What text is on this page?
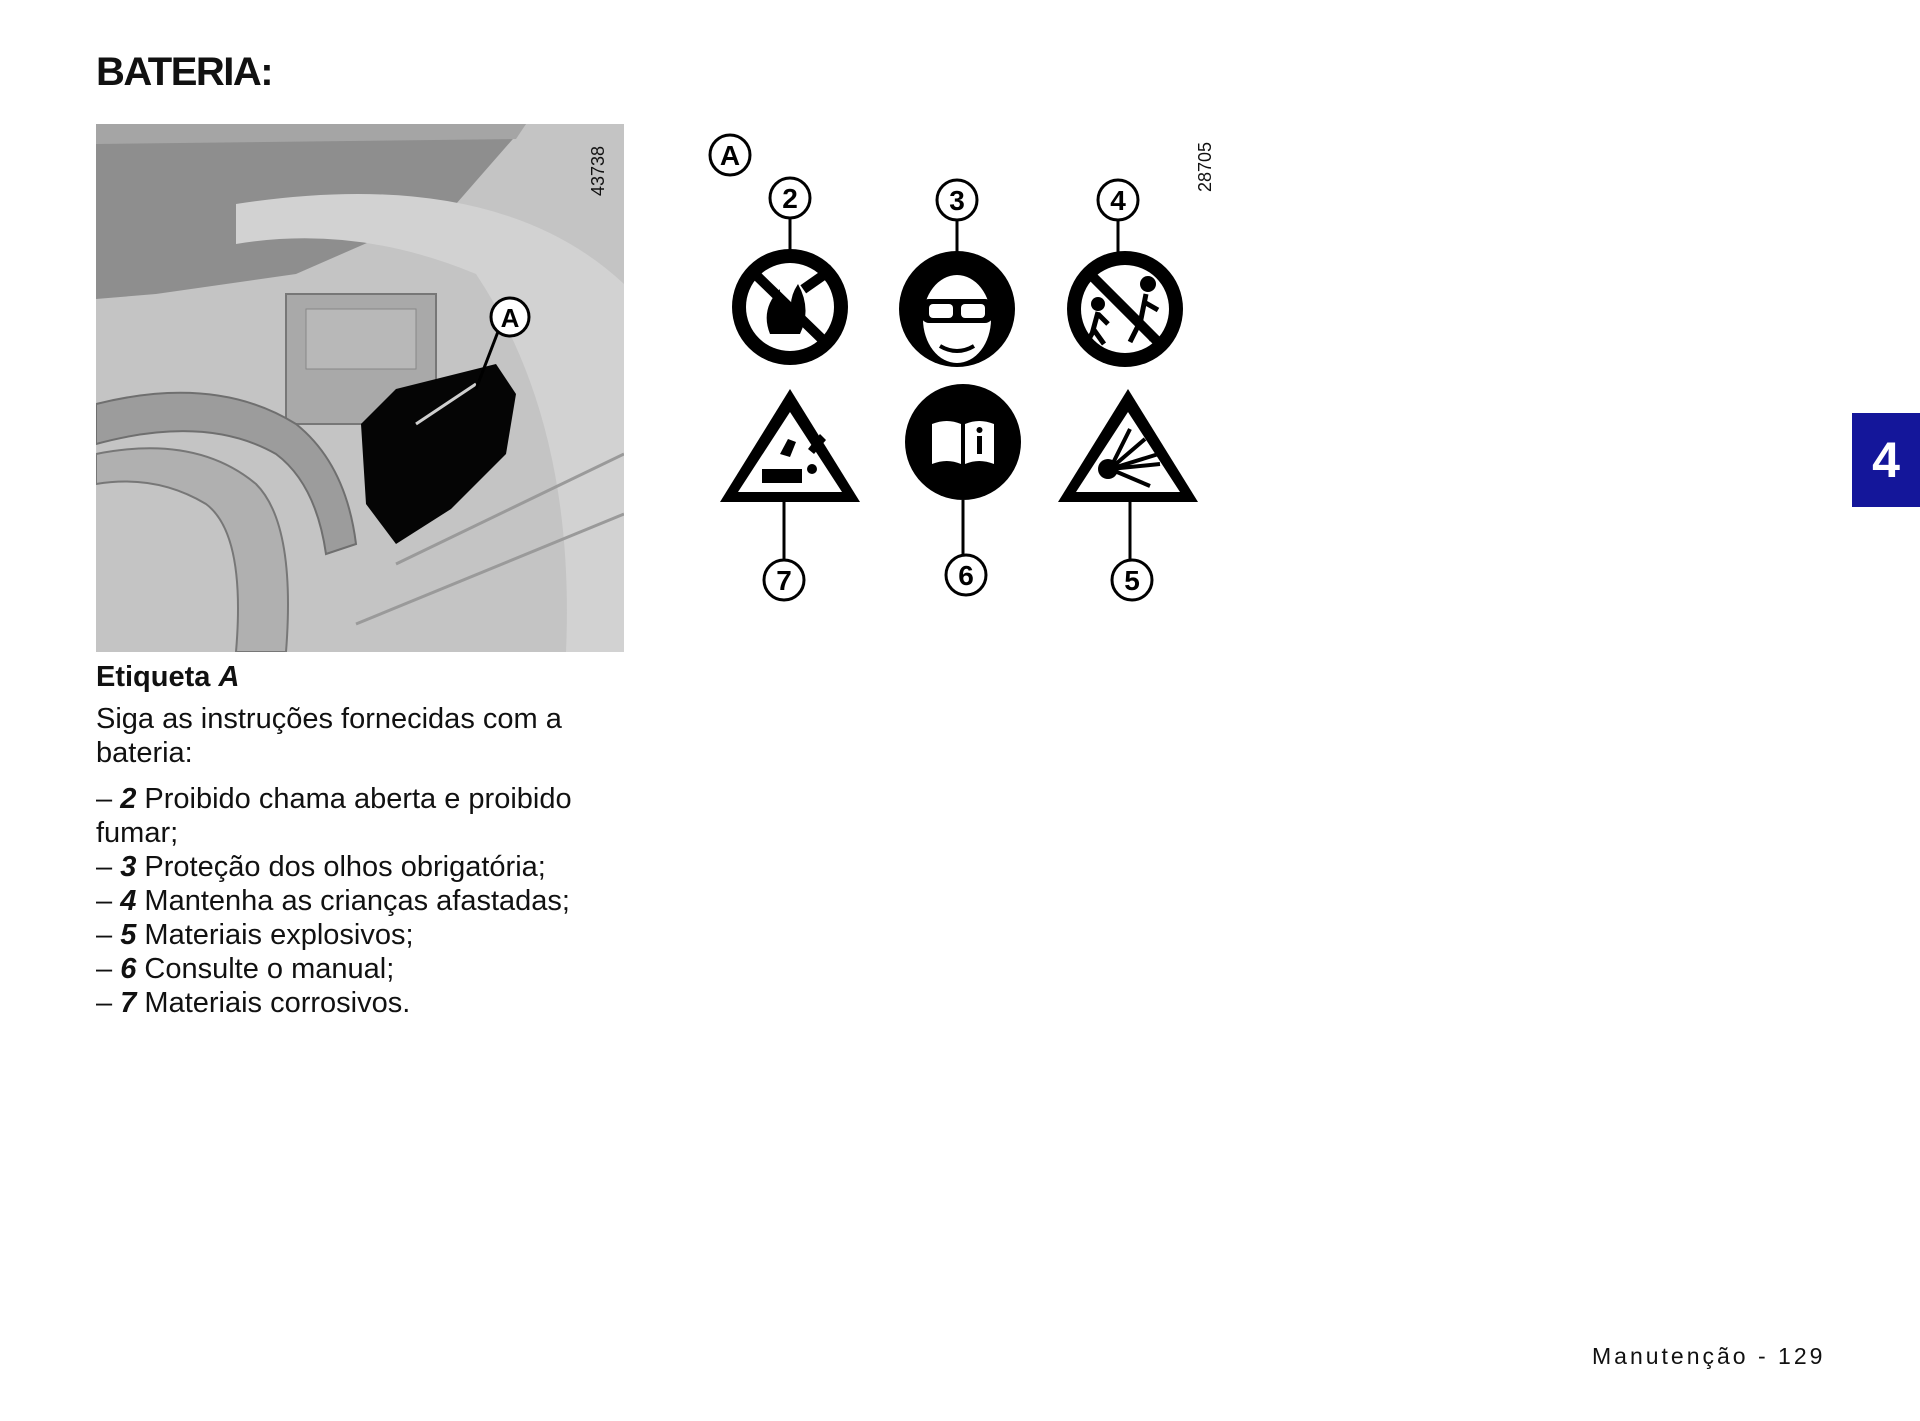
BATERIA:
A
43738	A
2	3	4
7	6	5
28705

Etiqueta A

Siga as instruções fornecidas com a bateria:

– 2 Proibido chama aberta e proibido fumar;
– 3 Proteção dos olhos obrigatória;
– 4 Mantenha as crianças afastadas;
– 5 Materiais explosivos;
– 6 Consulte o manual;
– 7 Materiais corrosivos.
4
Manutenção - 129
